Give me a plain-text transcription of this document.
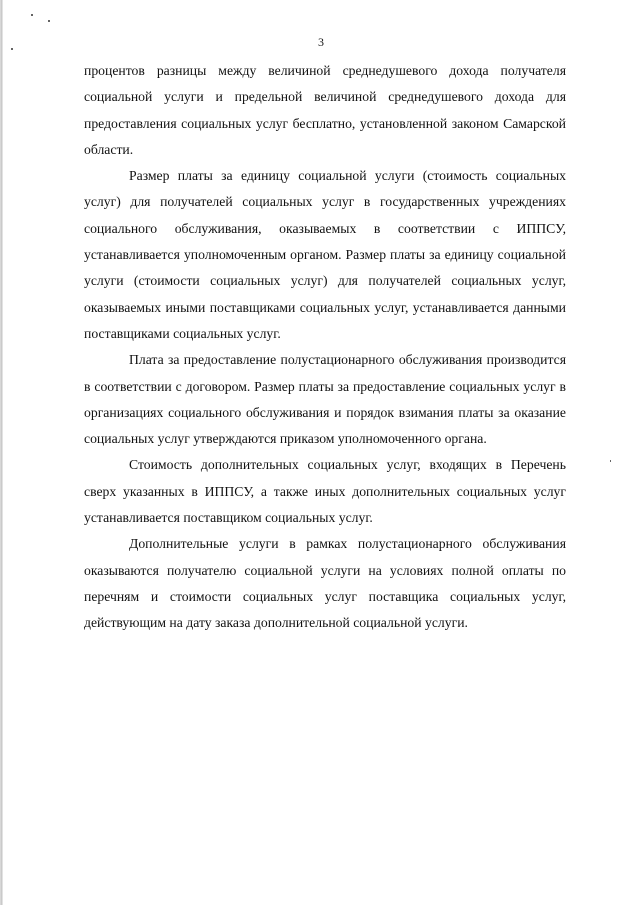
3

процентов разницы между величиной среднедушевого дохода получателя социальной услуги и предельной величиной среднедушевого дохода для предоставления социальных услуг бесплатно, установленной законом Самарской области.

Размер платы за единицу социальной услуги (стоимость социальных услуг) для получателей социальных услуг в государственных учреждениях социального обслуживания, оказываемых в соответствии с ИППСУ, устанавливается уполномоченным органом. Размер платы за единицу социальной услуги (стоимости социальных услуг) для получателей социальных услуг, оказываемых иными поставщиками социальных услуг, устанавливается данными поставщиками социальных услуг.

Плата за предоставление полустационарного обслуживания производится в соответствии с договором. Размер платы за предоставление социальных услуг в организациях социального обслуживания и порядок взимания платы за оказание социальных услуг утверждаются приказом уполномоченного органа.

Стоимость дополнительных социальных услуг, входящих в Перечень сверх указанных в ИППСУ, а также иных дополнительных социальных услуг устанавливается поставщиком социальных услуг.

Дополнительные услуги в рамках полустационарного обслуживания оказываются получателю социальной услуги на условиях полной оплаты по перечням и стоимости социальных услуг поставщика социальных услуг, действующим на дату заказа дополнительной социальной услуги.
